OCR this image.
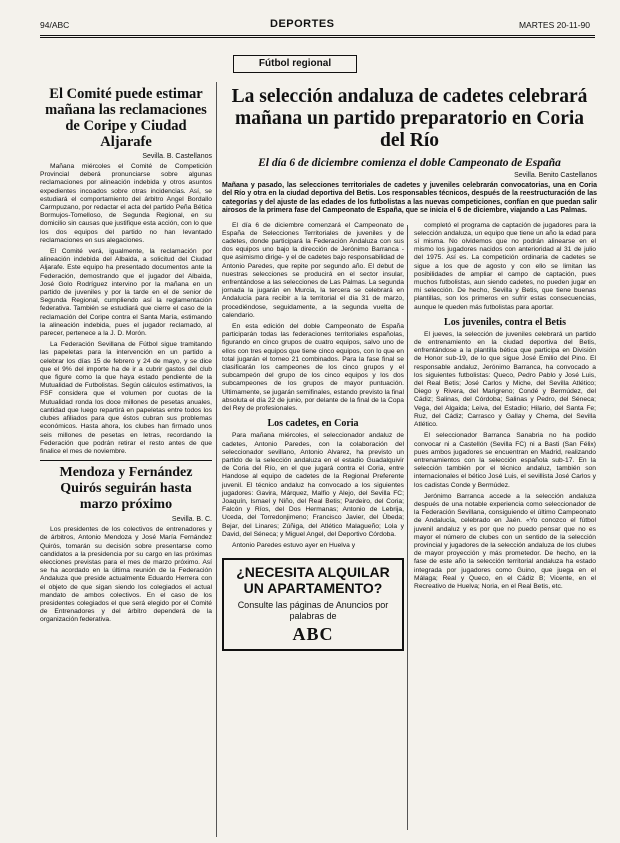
94/ABC	DEPORTES	MARTES 20-11-90
Fútbol regional
El Comité puede estimar mañana las reclamaciones de Coripe y Ciudad Aljarafe
Sevilla. B. Castellanos

Mañana miércoles el Comité de Competición Provincial deberá pronunciarse sobre algunas reclamaciones por alineación indebida y otros asuntos expedientes incoados sobre otras incidencias. Así, se estudiará el comportamiento del árbitro Angel Bordallo Carmpuzano, por redactar el acta del partido Peña Bética Bormujos-Tomelloso, de Segunda Regional, en su domicilio sin causas que justifique esta acción, con lo que los dos equipos del partido no han levantado reclamaciones en sus alegaciones.

El Comité verá, igualmente, la reclamación por alineación indebida del Albaida, a solicitud del Ciudad Aljarafe. Este equipo ha presentado documentos ante la Federación, demostrando que el jugador del Albaida, José Golo Rodríguez intervino por la mañana en un partido de juveniles y por la tarde en el de senior de Segunda Regional, cumpliendo así la reglamentación federativa. También se estudiará que cierre el caso de la reclamación del Coripe contra el Santa María, estimando la alineación indebida, pues el jugador reclamado, al parecer, pertenece a la J. D. Morón.

La Federación Sevillana de Fútbol sigue tramitando las papeletas para la intervención en un partido a celebrar los días 15 de febrero y 24 de mayo, y se dice que el 9% del importe ha de ir a cubrir gastos del club que figure como la que haya estado pendiente de la Mutualidad de Futbolistas. Según cálculos estimativos, la FSF considera que el volumen por cuotas de la Mutualidad ronda los doce millones de pesetas anuales, cantidad que luego repartirá en papeletas entre todos los clubes afiliados para que éstos cubran sus problemas económicos. Hasta ahora, los clubes han firmado unos seis millones de pesetas en letras, recordando la Federación que podrán retirar el resto antes de que finalice el mes de noviembre.

Mendoza y Fernández Quirós seguirán hasta marzo próximo
Sevilla. B. C.

Los presidentes de los colectivos de entrenadores y de árbitros, Antonio Mendoza y José María Fernández Quirós, tomarán su decisión sobre presentarse como candidatos a la presidencia por su cargo en las próximas elecciones previstas para el mes de marzo próximo. Así se ha acordado en la última reunión de la Federación Andaluza que preside actualmente Eduardo Herrera con el objeto de que sigan siendo los colegiados el actual mandato de ambos colectivos. En el caso de los presidentes colegiados el que será elegido por el Comité de Entrenadores y del árbitro dependerá de la organización federativa.

La selección andaluza de cadetes celebrará mañana un partido preparatorio en Coria del Río
El día 6 de diciembre comienza el doble Campeonato de España
Sevilla. Benito Castellanos
Mañana y pasado, las selecciones territoriales de cadetes y juveniles celebrarán convocatorias, una en Coria del Río y otra en la ciudad deportiva del Betis. Los responsables técnicos, después de la reestructuración de las categorías y del ajuste de las edades de los futbolistas a las nuevas competiciones, confían en que puedan salir airosos de la primera fase del Campeonato de España, que se inicia el 6 de diciembre, viajando a Las Palmas.

El día 6 de diciembre comenzará el Campeonato de España de Selecciones Territoriales de juveniles y de cadetes, donde participará la Federación Andaluza con sus dos equipos uno bajo la dirección de Jerónimo Barranca -que asimismo dirige- y el de cadetes bajo responsabilidad de Antonio Paredes, que repite por segundo año. El debut de nuestras selecciones se producirá en el sector insular, enfrentándose a las selecciones de Las Palmas. La segunda jornada la jugarán en Murcia, la tercera se celebrará en Andalucía para recibir a la territorial el día 31 de marzo, procediéndose, seguidamente, a la segunda vuelta de calendario.

En esta edición del doble Campeonato de España participarán todas las federaciones territoriales españolas, figurando en cinco grupos de cuatro equipos, salvo uno de ellos con tres equipos que tiene cinco equipos, con lo que en total jugarán el torneo 21 combinados. Para la fase final se clasificarán los campeones de los cinco grupos y el subcampeón del grupo de los cinco equipos y los dos subcampeones de los grupos de mayor puntuación. Ultimamente, se jugarán semifinales, estando previsto la final absoluta el día 22 de junio, por delante de la final de la Copa del Rey de profesionales.

Los cadetes, en Coria

Para mañana miércoles, el seleccionador andaluz de cadetes, Antonio Paredes, con la colaboración del seleccionador sevillano, Antonio Alvarez, ha previsto un partido de la selección andaluza en el estadio Guadalquivir de Coria del Río, en el que jugará contra el Coria, entre Handose al equipo de cadetes de la Regional Preferente juvenil. El técnico andaluz ha convocado a los siguientes jugadores: Gavira, Márquez, Malfio y Alejo, del Sevilla FC; Joaquín, Ismael y Niño, del Real Betis; Pardeiro, del Coria; Falcón y Ríos, del Dos Hermanas; Antonio de Lebrija, Uceda, del Torredonjimeno; Francisco Javier, del Úbeda; Bejar, del Linares; Zúñiga, del Atlético Malagueño; Lola y David, del Séneca; y Miguel Angel, del Deportivo Córdoba.

Antonio Paredes estuvo ayer en Huelva y

¿NECESITA ALQUILAR UN APARTAMENTO?
Consulte las páginas de Anuncios por palabras de
ABC

completó el programa de captación de jugadores para la selección andaluza, un equipo que tiene un año la edad para sí misma. No olvidemos que no podrán alinearse en el mismo los jugadores nacidos con anterioridad al 31 de julio del 1975. Así es. La competición ordinaria de cadetes se sigue a los que de agosto y con ello se limitan las posibilidades de ampliar el campo de captación, pues muchos futbolistas, aun siendo cadetes, no pueden jugar en mi selección. De hecho, Sevilla y Betis, que tiene buenas plantillas, son los primeros en sufrir estas consecuencias, aunque le queden más futbolistas para aportar.

Los juveniles, contra el Betis

El jueves, la selección de juveniles celebrará un partido de entrenamiento en la ciudad deportiva del Betis, enfrentándose a la plantilla bética que participa en División de Honor sub-19, de lo que sigue José Emilio del Pino. El responsable andaluz, Jerónimo Barranca, ha convocado a los siguientes futbolistas: Queco, Pedro Pablo y José Luis, del Real Betis; José Carlos y Miche, del Sevilla Atlético; Diego y Rivera, del Marigreno; Condé y Bermúdez, del Cádiz; Salinas, del Córdoba; Salinas y Pedro, del Séneca; Vega, del Algaida; Leiva, del Estadio; Hilario, del Santa Fe; Ruz, del Cádiz; Carrasco y Gallay y Chema, del Sevilla Atlético.

El seleccionador Barranca Sanabria no ha podido convocar ni a Castellón (Sevilla FC) ni a Basti (San Félix) pues ambos jugadores se encuentran en Madrid, realizando entrenamientos con la selección española sub-17. En la selección también por el técnico andaluz, también son internacionales el bético José Luis, el sevillista José Carlos y los cadistas Conde y Bermúdez.

Jerónimo Barranca accede a la selección andaluza después de una notable experiencia como seleccionador de la Federación Sevillana, consiguiendo el último Campeonato de Andalucía, celebrado en Jaén. «Yo conozco el fútbol juvenil andaluz y es por que no puedo pensar que no es mayor el número de clubes con un sentido de la selección provincial y jugadores de la selección andaluza de los clubes de mayor proyección y más prometedor. De hecho, en la fase de este año la selección territorial andaluza ha estado integrada por jugadores como Guino, que juega en el Málaga; Real y Queco, en el Cádiz B; Vicente, en el Recreativo de Huelva; Noria, en el Real Betis, etc.
